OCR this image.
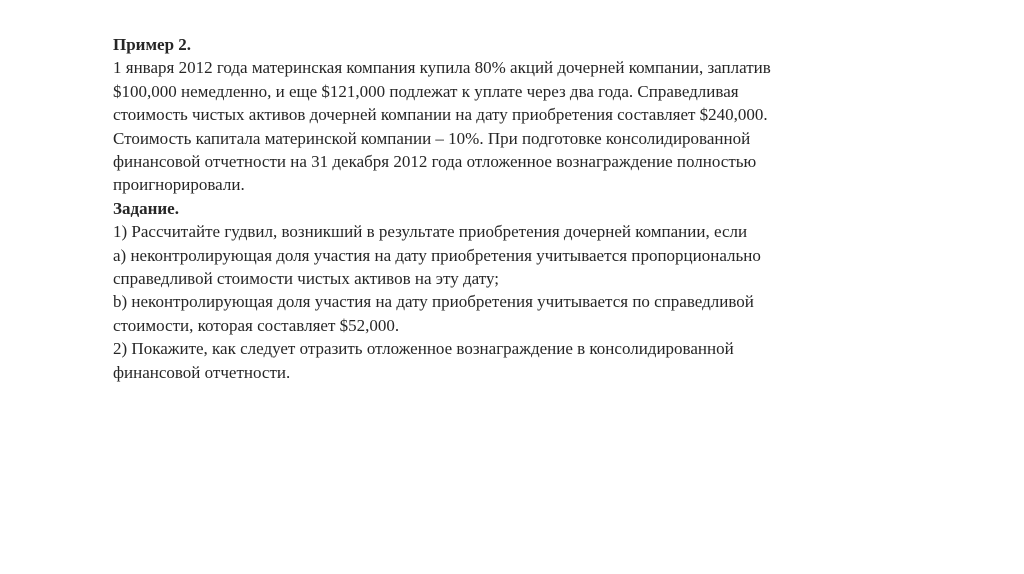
Пример 2.
1 января 2012 года материнская компания купила 80% акций дочерней компании, заплатив
$100,000 немедленно, и еще $121,000 подлежат к уплате через два года. Справедливая
стоимость чистых активов дочерней компании на дату приобретения составляет $240,000.
Стоимость капитала материнской компании – 10%. При подготовке консолидированной
финансовой отчетности на 31 декабря 2012 года отложенное вознаграждение полностью
проигнорировали.
Задание.
1) Рассчитайте гудвил, возникший в результате приобретения дочерней компании, если
a) неконтролирующая доля участия на дату приобретения учитывается пропорционально
справедливой стоимости чистых активов на эту дату;
b) неконтролирующая доля участия на дату приобретения учитывается по справедливой
стоимости, которая составляет $52,000.
2) Покажите, как следует отразить отложенное вознаграждение в консолидированной
финансовой отчетности.
